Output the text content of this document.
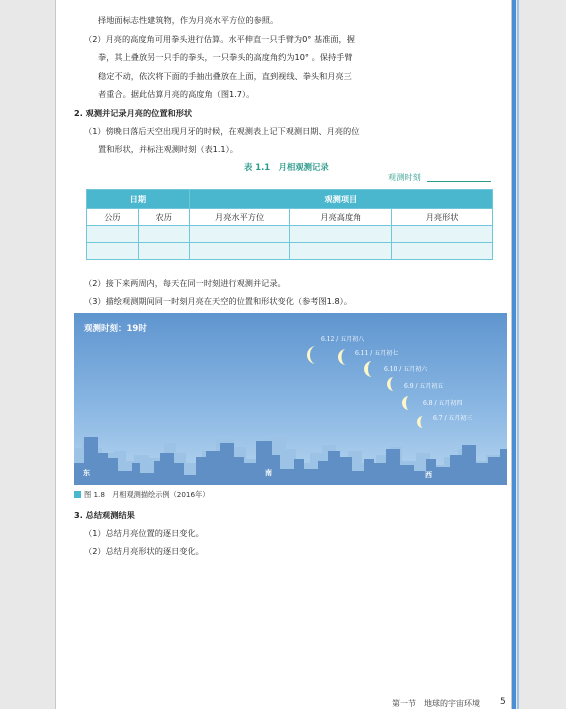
择地面标志性建筑物，作为月亮水平方位的参照。
（2）月亮的高度角可用拳头进行估算。水平伸直一只手臂为0° 基准面，握
拳，其上叠放另一只手的拳头，一只拳头的高度角约为10° 。保持手臂
稳定不动，依次将下面的手抽出叠放在上面，直到视线、拳头和月亮三
者重合。据此估算月亮的高度角（图1.7）。
2. 观测并记录月亮的位置和形状
（1）傍晚日落后天空出现月牙的时候，在观测表上记下观测日期、月亮的位
置和形状，并标注观测时刻（表1.1）。
表 1.1　月相观测记录
观测时刻
日期		观测项目		
公历	农历	月亮水平方位	月亮高度角	月亮形状

（2）接下来两周内，每天在同一时刻进行观测并记录。
（3）描绘观测期间同一时刻月亮在天空的位置和形状变化（参考图1.8）。
观测时刻：19时
6.12 / 五月初八
6.11 / 五月初七
6.10 / 五月初六
6.9 / 五月初五
6.8 / 五月初四
6.7 / 五月初三
东	南	西
图 1.8　月相观测描绘示例（2016年）
3. 总结观测结果
（1）总结月亮位置的逐日变化。
（2）总结月亮形状的逐日变化。
第一节　地球的宇宙环境 5
